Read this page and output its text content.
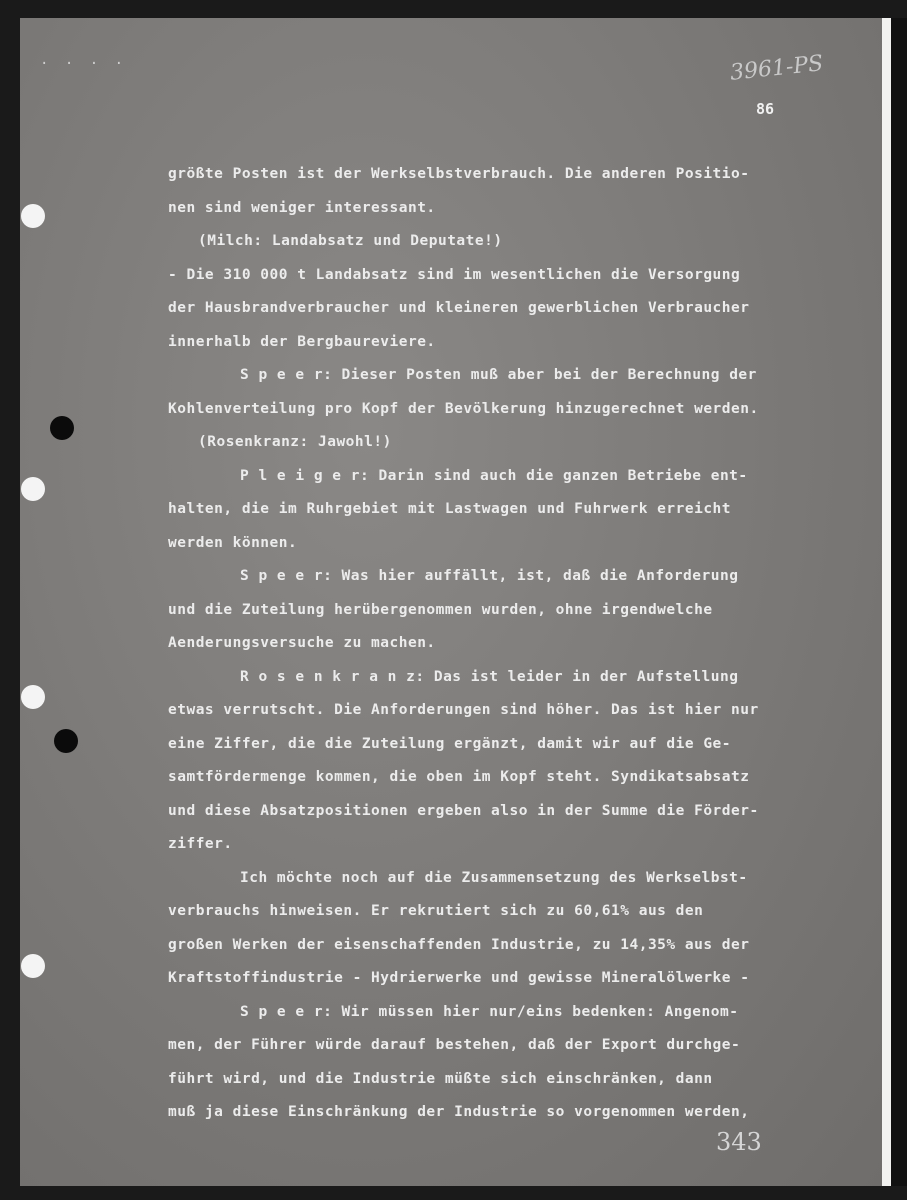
. . . .	3961-PS
86
größte Posten ist der Werkselbstverbrauch. Die anderen Positio-
nen sind weniger interessant.
(Milch: Landabsatz und Deputate!)
- Die 310 000 t Landabsatz sind im wesentlichen die Versorgung
der Hausbrandverbraucher und kleineren gewerblichen Verbraucher
innerhalb der Bergbaureviere.
S p e e r: Dieser Posten muß aber bei der Berechnung der
Kohlenverteilung pro Kopf der Bevölkerung hinzugerechnet werden.
(Rosenkranz: Jawohl!)
P l e i g e r: Darin sind auch die ganzen Betriebe ent-
halten, die im Ruhrgebiet mit Lastwagen und Fuhrwerk erreicht
werden können.
S p e e r: Was hier auffällt, ist, daß die Anforderung
und die Zuteilung herübergenommen wurden, ohne irgendwelche
Aenderungsversuche zu machen.
R o s e n k r a n z: Das ist leider in der Aufstellung
etwas verrutscht. Die Anforderungen sind höher. Das ist hier nur
eine Ziffer, die die Zuteilung ergänzt, damit wir auf die Ge-
samtfördermenge kommen, die oben im Kopf steht. Syndikatsabsatz
und diese Absatzpositionen ergeben also in der Summe die Förder-
ziffer.
Ich möchte noch auf die Zusammensetzung des Werkselbst-
verbrauchs hinweisen. Er rekrutiert sich zu 60,61% aus den
großen Werken der eisenschaffenden Industrie, zu 14,35% aus der
Kraftstoffindustrie - Hydrierwerke und gewisse Mineralölwerke -
S p e e r: Wir müssen hier nur/eins bedenken: Angenom-
men, der Führer würde darauf bestehen, daß der Export durchge-
führt wird, und die Industrie müßte sich einschränken, dann
muß ja diese Einschränkung der Industrie so vorgenommen werden,
343
